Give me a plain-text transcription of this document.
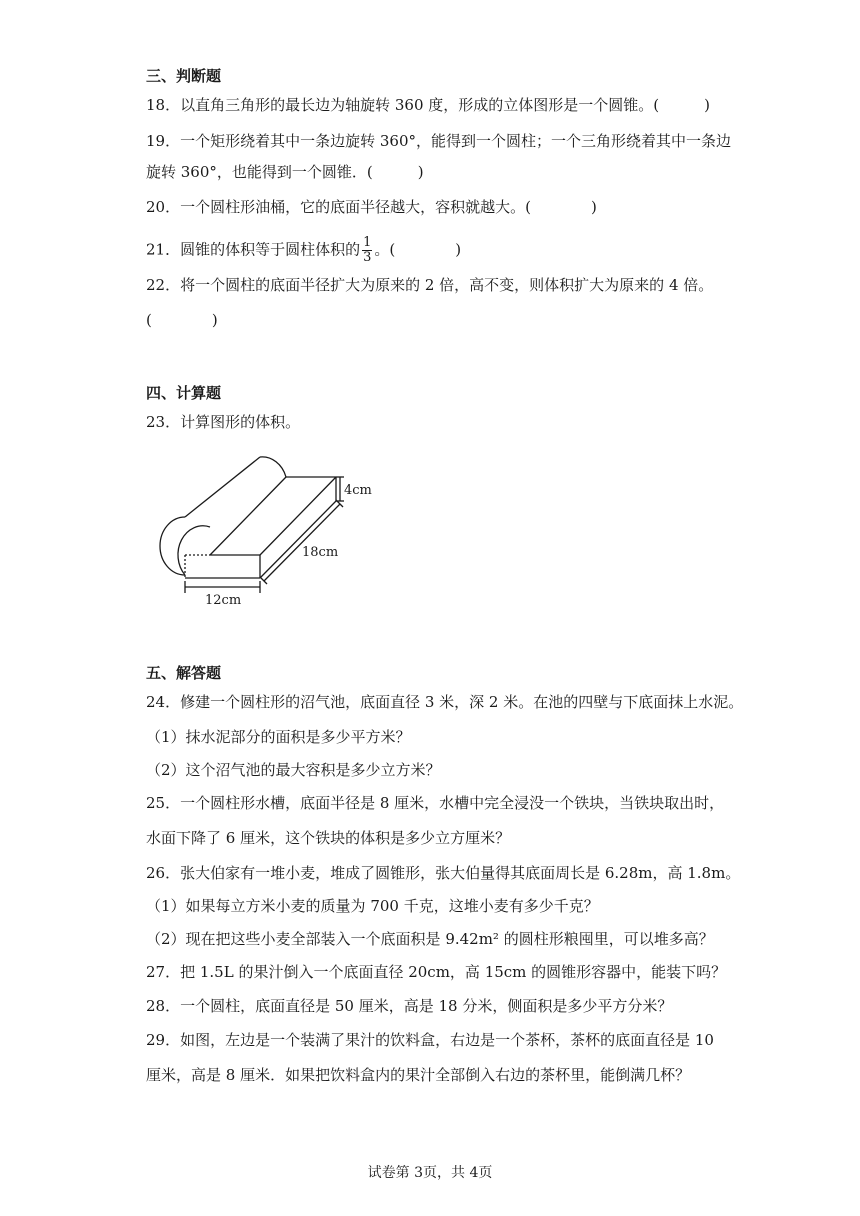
三、判断题
18．以直角三角形的最长边为轴旋转 360 度，形成的立体图形是一个圆锥。(　　　)
19．一个矩形绕着其中一条边旋转 360°，能得到一个圆柱；一个三角形绕着其中一条边
旋转 360°，也能得到一个圆锥．(　　　)
20．一个圆柱形油桶，它的底面半径越大，容积就越大。(　　　　)
21．圆锥的体积等于圆柱体积的 $\frac{1}{3}$ 。(　　　　)
22．将一个圆柱的底面半径扩大为原来的 2 倍，高不变，则体积扩大为原来的 4 倍。
(　　　　)
四、计算题
23．计算图形的体积。
4cm
18cm
12cm
五、解答题
24．修建一个圆柱形的沼气池，底面直径 3 米，深 2 米。在池的四壁与下底面抹上水泥。
（1）抹水泥部分的面积是多少平方米？
（2）这个沼气池的最大容积是多少立方米？
25．一个圆柱形水槽，底面半径是 8 厘米，水槽中完全浸没一个铁块，当铁块取出时，
水面下降了 6 厘米，这个铁块的体积是多少立方厘米？
26．张大伯家有一堆小麦，堆成了圆锥形，张大伯量得其底面周长是 6.28m，高 1.8m。
（1）如果每立方米小麦的质量为 700 千克，这堆小麦有多少千克？
（2）现在把这些小麦全部装入一个底面积是 9.42m² 的圆柱形粮囤里，可以堆多高？
27．把 1.5L 的果汁倒入一个底面直径 20cm，高 15cm 的圆锥形容器中，能装下吗？
28．一个圆柱，底面直径是 50 厘米，高是 18 分米，侧面积是多少平方分米？
29．如图，左边是一个装满了果汁的饮料盒，右边是一个茶杯，茶杯的底面直径是 10
厘米，高是 8 厘米．如果把饮料盒内的果汁全部倒入右边的茶杯里，能倒满几杯？
试卷第 3页，共 4页
